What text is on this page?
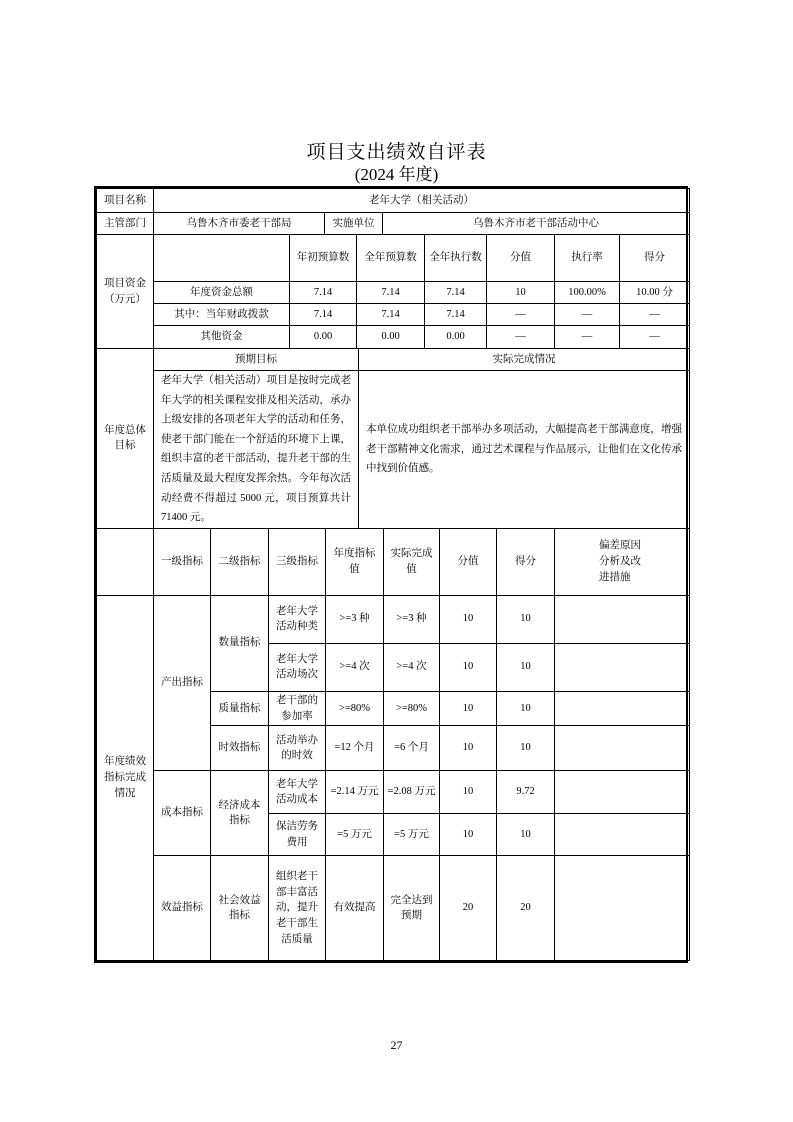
项目支出绩效自评表
(2024 年度)
项目名称	老年大学（相关活动）		
主管部门	乌鲁木齐市委老干部局	实施单位	乌鲁木齐市老干部活动中心
项目资金（万元）		年初预算数	全年预算数	全年执行数	分值	执行率	得分
	年度资金总额	7.14	7.14	7.14	10	100.00%	10.00 分
	其中：当年财政拨款	7.14	7.14	7.14	—	—	—
	其他资金	0.00	0.00	0.00	—	—	—
年度总体目标	预期目标	实际完成情况
	老年大学（相关活动）项目是按时完成老年大学的相关课程安排及相关活动，承办上级安排的各项老年大学的活动和任务，使老干部门能在一个舒适的环境下上课，组织丰富的老干部活动，提升老干部的生活质量及最大程度发挥余热。今年每次活动经费不得超过 5000 元，项目预算共计 71400 元。	本单位成功组织老干部举办多项活动，大幅提高老干部满意度，增强老干部精神文化需求，通过艺术课程与作品展示，让他们在文化传承中找到价值感。
	一级指标	二级指标	三级指标	年度指标值	实际完成值	分值	得分	偏差原因分析及改进措施
年度绩效指标完成情况	产出指标	数量指标	老年大学活动种类	>=3 种	>=3 种	10	10	
			老年大学活动场次	>=4 次	>=4 次	10	10	
		质量指标	老干部的参加率	>=80%	>=80%	10	10	
		时效指标	活动举办的时效	=12 个月	=6 个月	10	10	
	成本指标	经济成本指标	老年大学活动成本	=2.14 万元	=2.08 万元	10	9.72	
			保洁劳务费用	=5 万元	=5 万元	10	10	
	效益指标	社会效益指标	组织老干部丰富活动，提升老干部生活质量	有效提高	完全达到预期	20	20	
27
